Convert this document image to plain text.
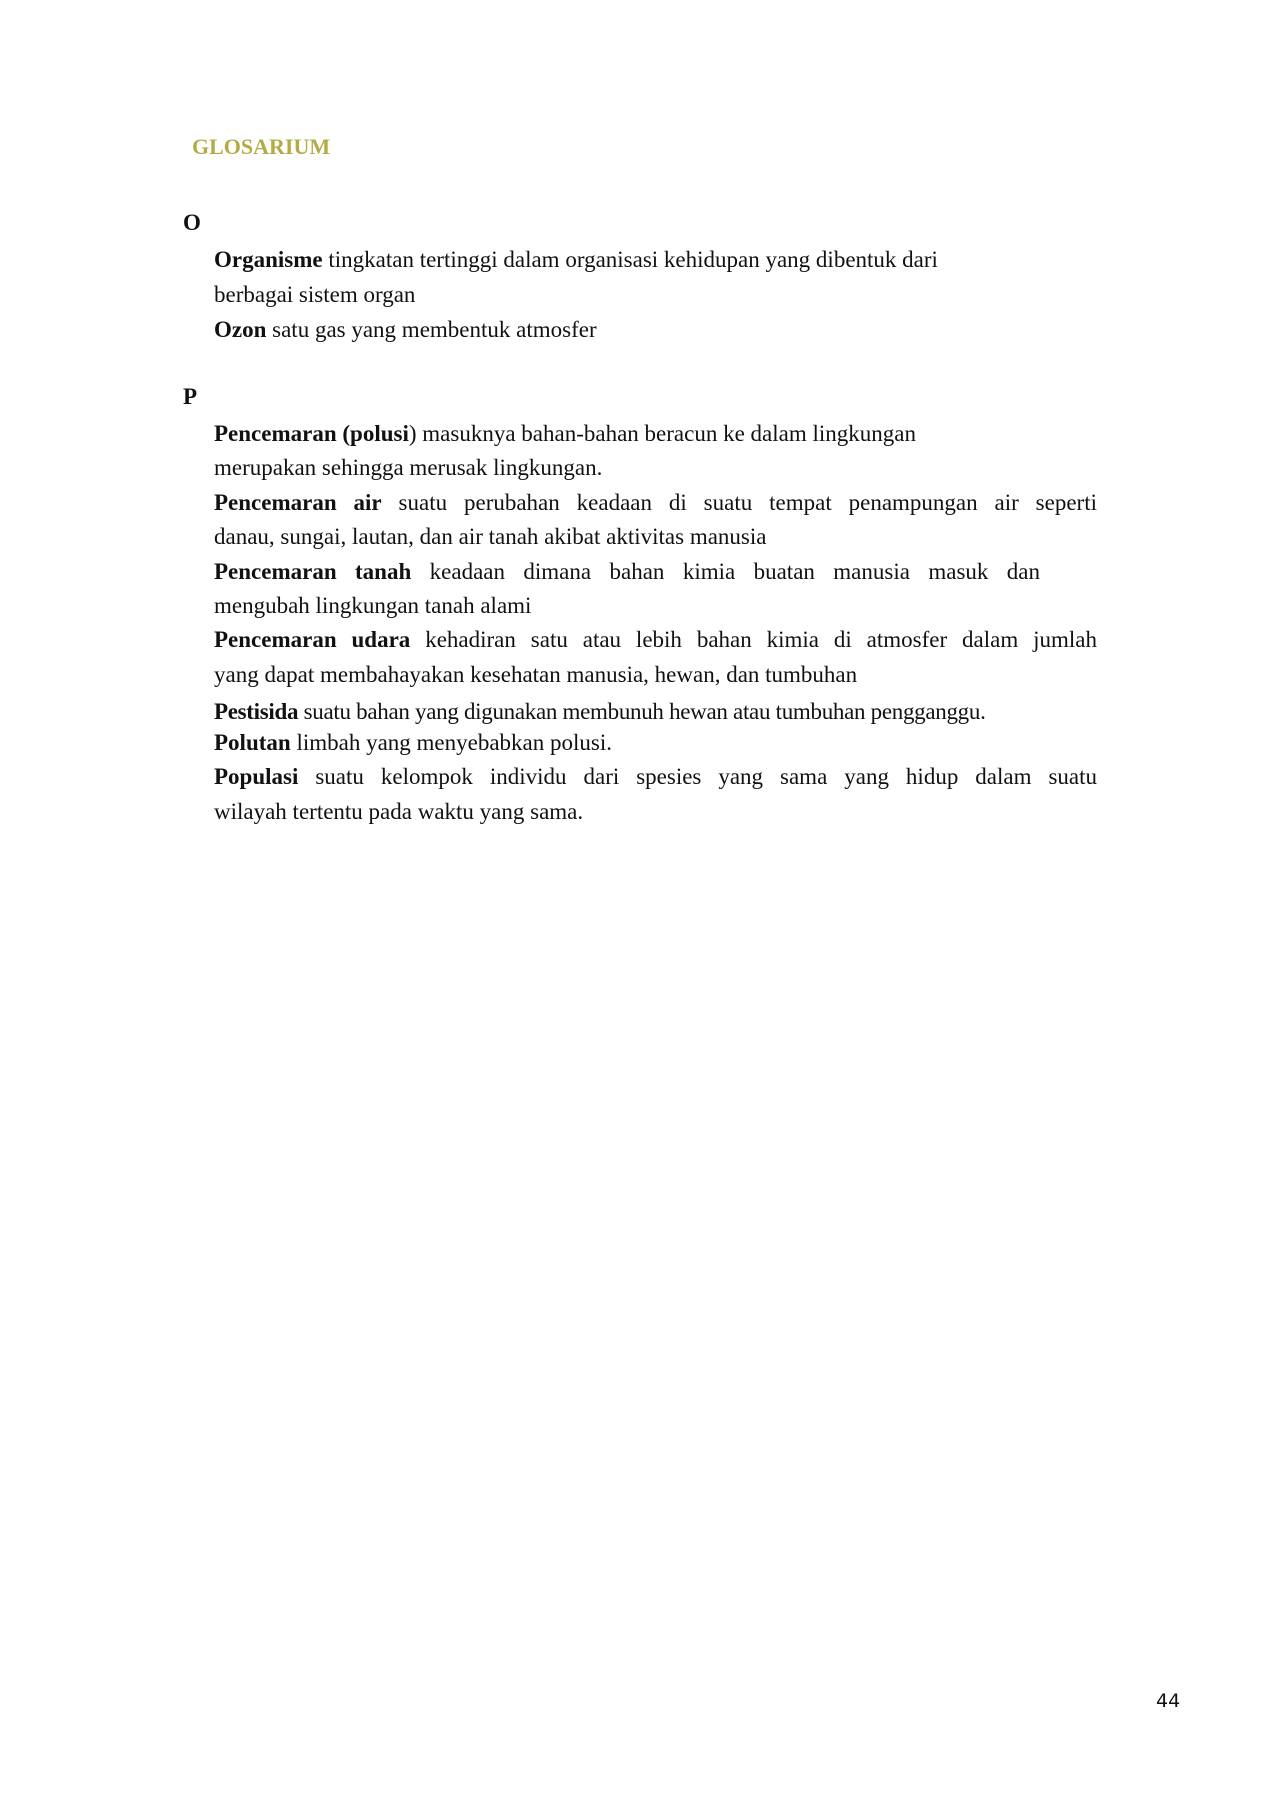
GLOSARIUM
O
Organisme tingkatan tertinggi dalam organisasi kehidupan yang dibentuk dari
berbagai sistem organ
Ozon satu gas yang membentuk atmosfer
P
Pencemaran (polusi) masuknya bahan-bahan beracun ke dalam lingkungan
merupakan sehingga merusak lingkungan.
Pencemaran air suatu perubahan keadaan di suatu tempat penampungan air seperti
danau, sungai, lautan, dan air tanah akibat aktivitas manusia
Pencemaran tanah keadaan dimana bahan kimia buatan manusia masuk dan
mengubah lingkungan tanah alami
Pencemaran udara kehadiran satu atau lebih bahan kimia di atmosfer dalam jumlah
yang dapat membahayakan kesehatan manusia, hewan, dan tumbuhan
Pestisida suatu bahan yang digunakan membunuh hewan atau tumbuhan pengganggu.
Polutan limbah yang menyebabkan polusi.
Populasi suatu kelompok individu dari spesies yang sama yang hidup dalam suatu
wilayah tertentu pada waktu yang sama.
44
